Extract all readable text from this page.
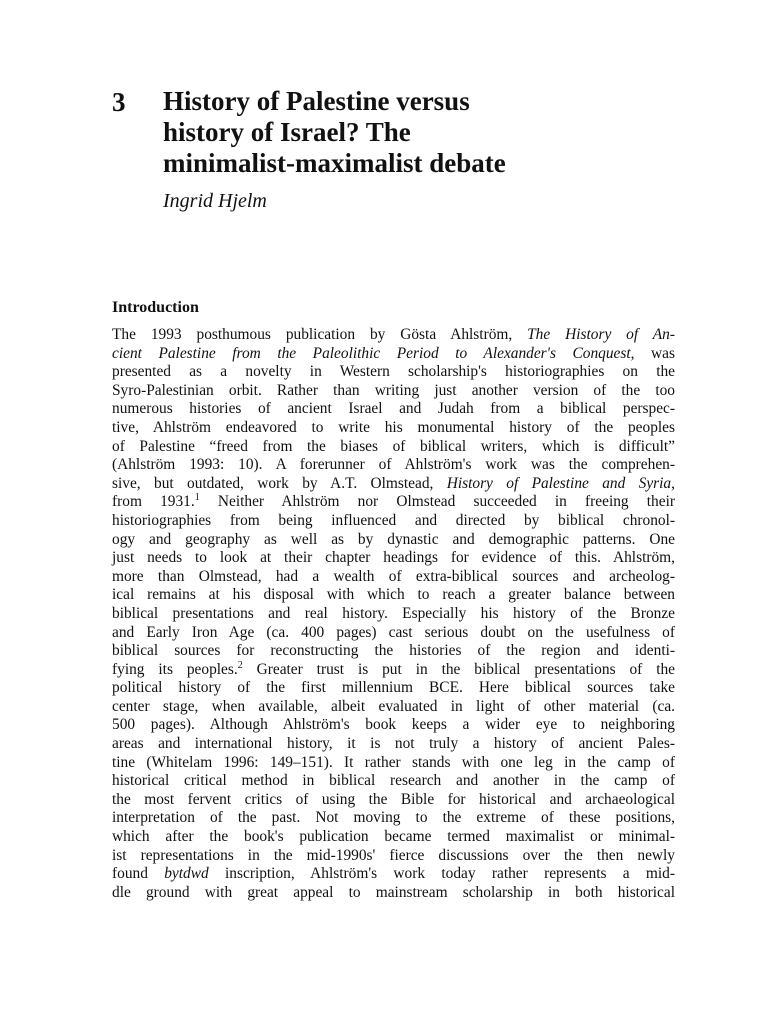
3 History of Palestine versus
history of Israel? The
minimalist-maximalist debate
Ingrid Hjelm
Introduction
The 1993 posthumous publication by Gösta Ahlström, The History of An-
cient Palestine from the Paleolithic Period to Alexander's Conquest, was
presented as a novelty in Western scholarship's historiographies on the
Syro-Palestinian orbit. Rather than writing just another version of the too
numerous histories of ancient Israel and Judah from a biblical perspec-
tive, Ahlström endeavored to write his monumental history of the peoples
of Palestine “freed from the biases of biblical writers, which is difficult”
(Ahlström 1993: 10). A forerunner of Ahlström's work was the comprehen-
sive, but outdated, work by A.T. Olmstead, History of Palestine and Syria,
from 1931.$^1$ Neither Ahlström nor Olmstead succeeded in freeing their
historiographies from being influenced and directed by biblical chronol-
ogy and geography as well as by dynastic and demographic patterns. One
just needs to look at their chapter headings for evidence of this. Ahlström,
more than Olmstead, had a wealth of extra-biblical sources and archeolog-
ical remains at his disposal with which to reach a greater balance between
biblical presentations and real history. Especially his history of the Bronze
and Early Iron Age (ca. 400 pages) cast serious doubt on the usefulness of
biblical sources for reconstructing the histories of the region and identi-
fying its peoples.$^2$ Greater trust is put in the biblical presentations of the
political history of the first millennium BCE. Here biblical sources take
center stage, when available, albeit evaluated in light of other material (ca.
500 pages). Although Ahlström's book keeps a wider eye to neighboring
areas and international history, it is not truly a history of ancient Pales-
tine (Whitelam 1996: 149–151). It rather stands with one leg in the camp of
historical critical method in biblical research and another in the camp of
the most fervent critics of using the Bible for historical and archaeological
interpretation of the past. Not moving to the extreme of these positions,
which after the book's publication became termed maximalist or minimal-
ist representations in the mid-1990s' fierce discussions over the then newly
found bytdwd inscription, Ahlström's work today rather represents a mid-
dle ground with great appeal to mainstream scholarship in both historical
